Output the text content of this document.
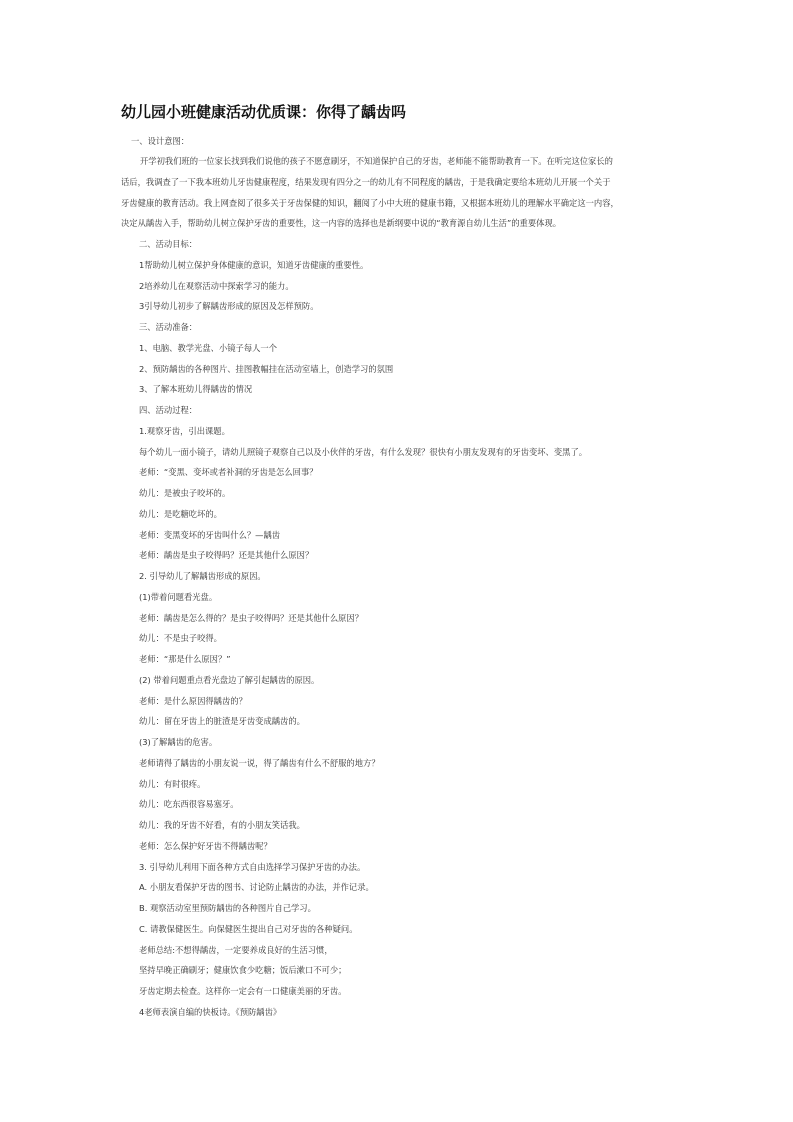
幼儿园小班健康活动优质课：你得了龋齿吗
一、设计意图：
开学初我们班的一位家长找到我们说他的孩子不愿意刷牙，不知道保护自己的牙齿，老师能不能帮助教育一下。在听完这位家长的
话后，我调查了一下我本班幼儿牙齿健康程度，结果发现有四分之一的幼儿有不同程度的龋齿，于是我确定要给本班幼儿开展一个关于
牙齿健康的教育活动。我上网查阅了很多关于牙齿保健的知识，翻阅了小中大班的健康书籍，又根据本班幼儿的理解水平确定这一内容，
决定从龋齿入手，帮助幼儿树立保护牙齿的重要性，这一内容的选择也是新纲要中说的“教育源自幼儿生活”的重要体现。
二、活动目标：
1帮助幼儿树立保护身体健康的意识，知道牙齿健康的重要性。
2培养幼儿在观察活动中探索学习的能力。
3引导幼儿初步了解龋齿形成的原因及怎样预防。
三、活动准备：
1、电脑、教学光盘、小镜子每人一个
2、预防龋齿的各种图片、挂图教幅挂在活动室墙上，创造学习的氛围
3、了解本班幼儿得龋齿的情况
四、活动过程：
1.观察牙齿，引出课题。
每个幼儿一面小镜子，请幼儿照镜子观察自己以及小伙伴的牙齿，有什么发现？很快有小朋友发现有的牙齿变坏、变黑了。
老师：“变黑、变坏或者补洞的牙齿是怎么回事？
幼儿：是被虫子咬坏的。
幼儿：是吃糖吃坏的。
老师：变黑变坏的牙齿叫什么？—龋齿
老师：龋齿是虫子咬得吗？还是其他什么原因？
2. 引导幼儿了解龋齿形成的原因。
(1)带着问题看光盘。
老师：龋齿是怎么得的？是虫子咬得吗？还是其他什么原因？
幼儿：不是虫子咬得。
老师：“那是什么原因？”
(2) 带着问题重点看光盘边了解引起龋齿的原因。
老师：是什么原因得龋齿的？
幼儿：留在牙齿上的脏渣是牙齿变成龋齿的。
(3)了解龋齿的危害。
老师请得了龋齿的小朋友说一说，得了龋齿有什么不舒服的地方？
幼儿：有时很疼。
幼儿：吃东西很容易塞牙。
幼儿：我的牙齿不好看，有的小朋友笑话我。
老师：怎么保护好牙齿不得龋齿呢？
3. 引导幼儿利用下面各种方式自由选择学习保护牙齿的办法。
A. 小朋友看保护牙齿的图书、讨论防止龋齿的办法，并作记录。
B. 观察活动室里预防龋齿的各种图片自己学习。
C. 请教保健医生。向保健医生提出自己对牙齿的各种疑问。
老师总结:不想得龋齿，一定要养成良好的生活习惯，
坚持早晚正确刷牙；健康饮食少吃糖；饭后漱口不可少；
牙齿定期去检查。这样你一定会有一口健康美丽的牙齿。
4老师表演自编的快板诗。《预防龋齿》
